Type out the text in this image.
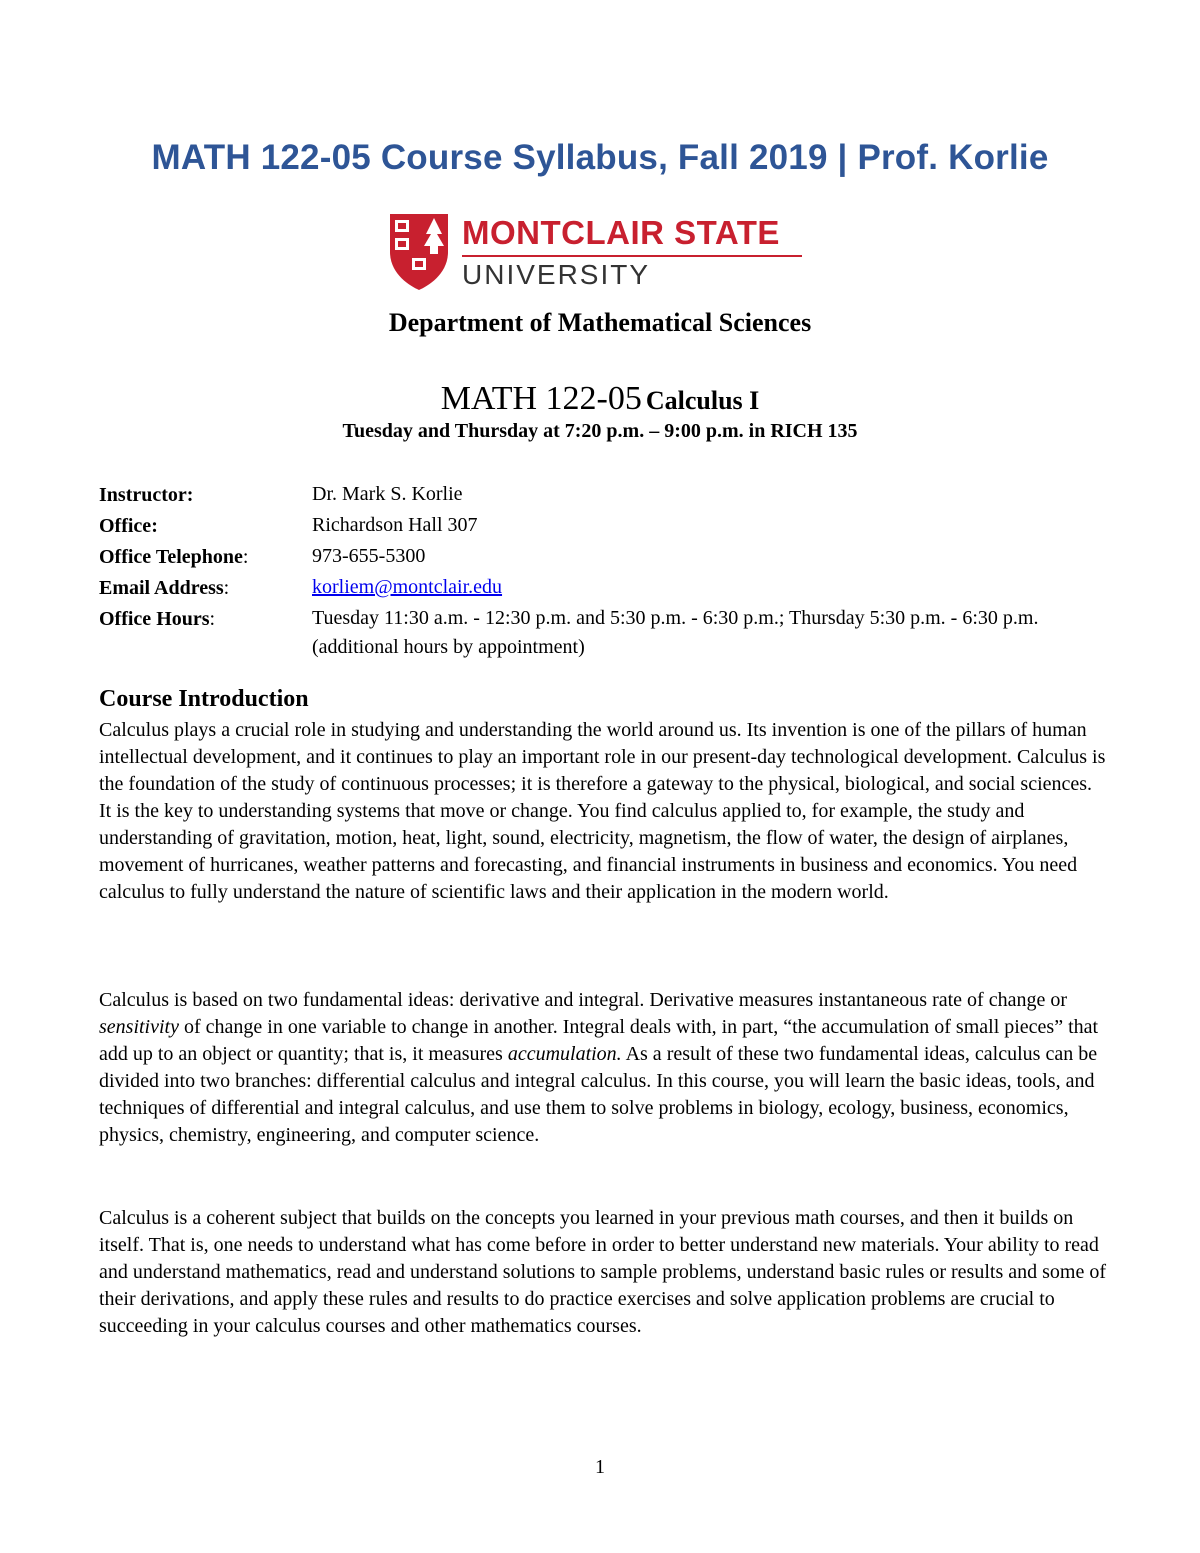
MATH 122-05 Course Syllabus, Fall 2019 | Prof. Korlie
MONTCLAIR STATE
UNIVERSITY
Department of Mathematical Sciences
MATH 122-05 Calculus I
Tuesday and Thursday at 7:20 p.m. – 9:00 p.m. in RICH 135
Instructor:	Dr. Mark S. Korlie
Office:	Richardson Hall 307
Office Telephone:	973-655-5300
Email Address:	korliem@montclair.edu
Office Hours:	Tuesday 11:30 a.m. - 12:30 p.m. and 5:30 p.m. - 6:30 p.m.; Thursday 5:30 p.m. - 6:30 p.m. (additional hours by appointment)
Course Introduction
Calculus plays a crucial role in studying and understanding the world around us. Its invention is one of the pillars of human intellectual development, and it continues to play an important role in our present-day technological development. Calculus is the foundation of the study of continuous processes; it is therefore a gateway to the physical, biological, and social sciences. It is the key to understanding systems that move or change. You find calculus applied to, for example, the study and understanding of gravitation, motion, heat, light, sound, electricity, magnetism, the flow of water, the design of airplanes, movement of hurricanes, weather patterns and forecasting, and financial instruments in business and economics. You need calculus to fully understand the nature of scientific laws and their application in the modern world.
Calculus is based on two fundamental ideas: derivative and integral. Derivative measures instantaneous rate of change or sensitivity of change in one variable to change in another. Integral deals with, in part, “the accumulation of small pieces” that add up to an object or quantity; that is, it measures accumulation. As a result of these two fundamental ideas, calculus can be divided into two branches: differential calculus and integral calculus. In this course, you will learn the basic ideas, tools, and techniques of differential and integral calculus, and use them to solve problems in biology, ecology, business, economics, physics, chemistry, engineering, and computer science.
Calculus is a coherent subject that builds on the concepts you learned in your previous math courses, and then it builds on itself. That is, one needs to understand what has come before in order to better understand new materials. Your ability to read and understand mathematics, read and understand solutions to sample problems, understand basic rules or results and some of their derivations, and apply these rules and results to do practice exercises and solve application problems are crucial to succeeding in your calculus courses and other mathematics courses.
1
